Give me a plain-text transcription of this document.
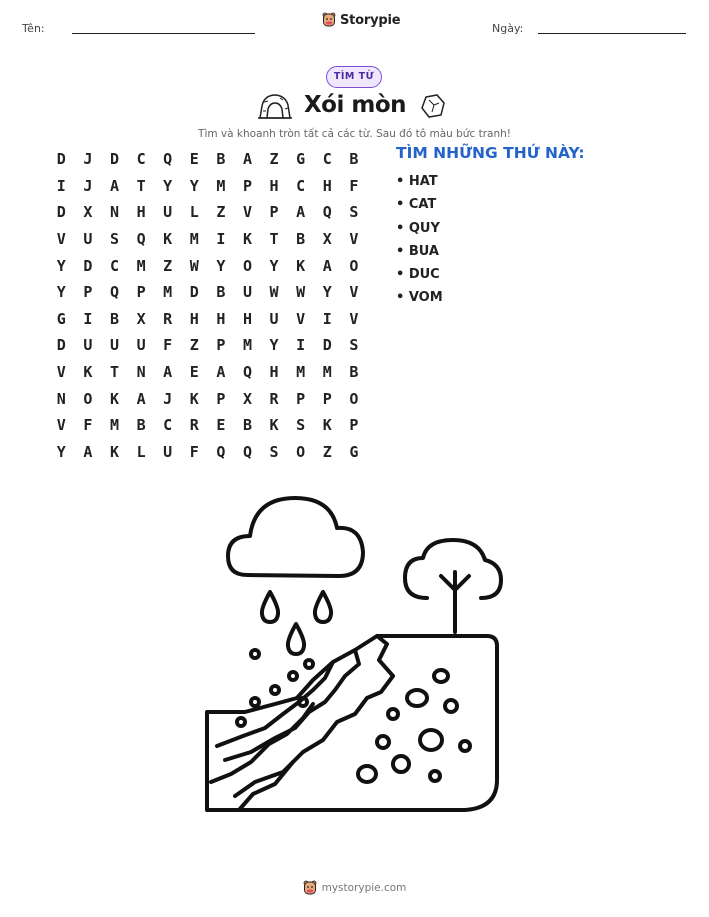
Tên:
Storypie
Ngày:
TÌM TỪ
Xói mòn
Tìm và khoanh tròn tất cả các từ. Sau đó tô màu bức tranh!
D	J	D	C	Q	E	B	A	Z	G	C	B
I	J	A	T	Y	Y	M	P	H	C	H	F
D	X	N	H	U	L	Z	V	P	A	Q	S
V	U	S	Q	K	M	I	K	T	B	X	V
Y	D	C	M	Z	W	Y	O	Y	K	A	O
Y	P	Q	P	M	D	B	U	W	W	Y	V
G	I	B	X	R	H	H	H	U	V	I	V
D	U	U	U	F	Z	P	M	Y	I	D	S
V	K	T	N	A	E	A	Q	H	M	M	B
N	O	K	A	J	K	P	X	R	P	P	O
V	F	M	B	C	R	E	B	K	S	K	P
Y	A	K	L	U	F	Q	Q	S	O	Z	G
TÌM NHỮNG THỨ NÀY:
• HAT
• CAT
• QUY
• BUA
• DUC
• VOM
mystorypie.com
